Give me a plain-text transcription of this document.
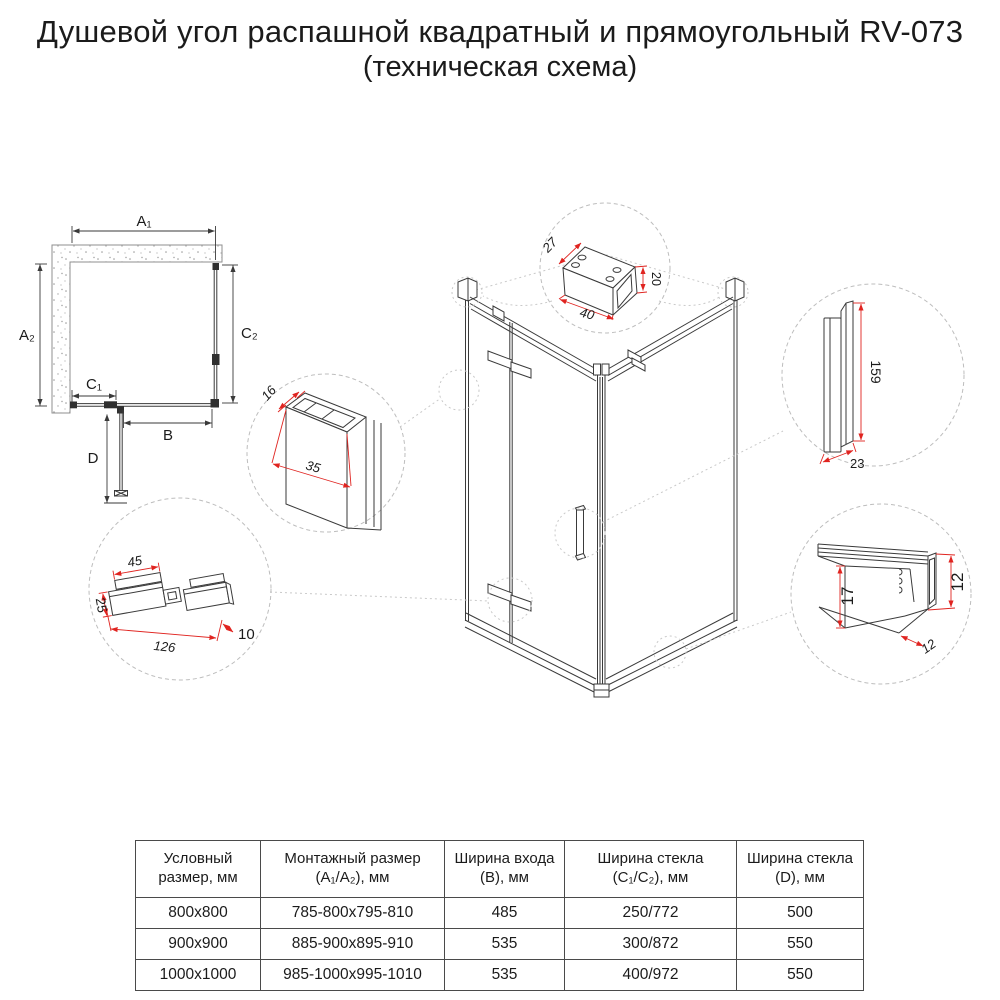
Душевой угол распашной квадратный и прямоугольный RV-073
(техническая схема)
A₁
A₂	C₂
C₁
B
D
27
40
20
159
23
16
35
45
25
126
10
17
12
12
Условный размер, мм	Монтажный размер (A₁/A₂), мм	Ширина входа (B), мм	Ширина стекла (C₁/C₂), мм	Ширина стекла (D), мм
800x800	785-800x795-810	485	250/772	500
900x900	885-900x895-910	535	300/872	550
1000x1000	985-1000x995-1010	535	400/972	550
